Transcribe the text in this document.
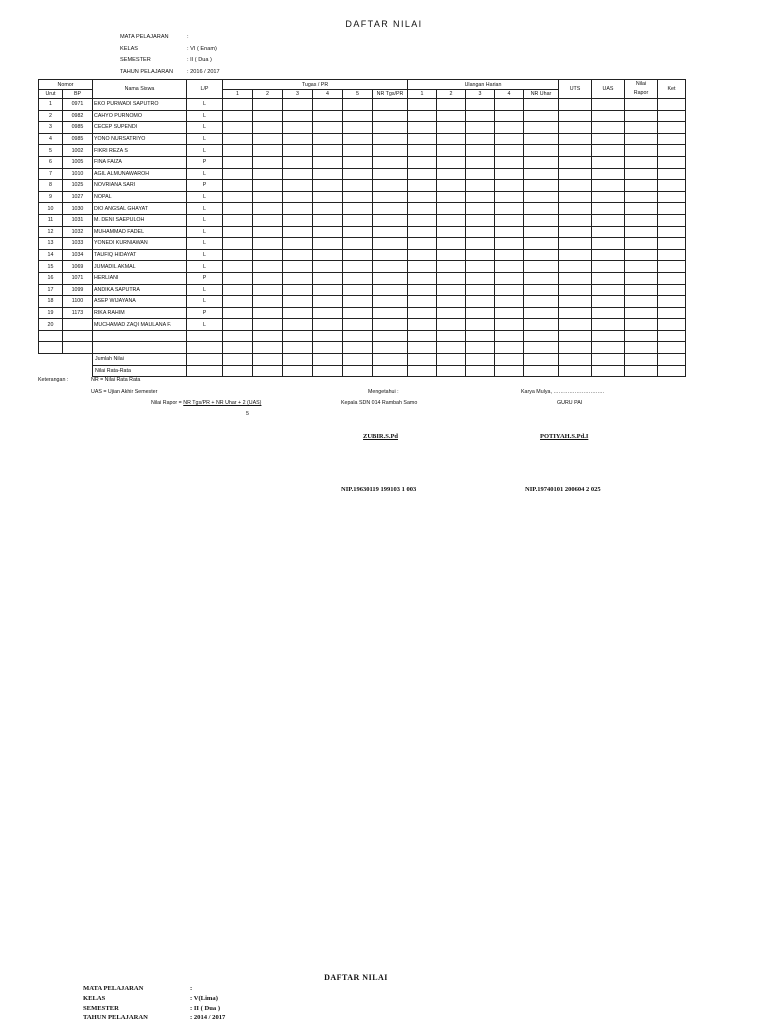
DAFTAR NILAI
MATA PELAJARAN	:
KELAS	: VI ( Enam)
SEMESTER	: II ( Dua )
TAHUN PELAJARAN : 2016 / 2017
Nomor		Nama Siswa	L/P	Tugas / PR						Ulangan Harian					UTS	UAS	Nilai
Rapor	Ket
Urut	BP			1	2	3	4	5	NR Tgs/PR	1	2	3	4	NR Uhar				
1	0971	EKO PURWADI SAPUTRO	L															
2	0982	CAHYO PURNOMO	L															
3	0985	CECEP SUPENDI	L															
4	0985	YONO NURSATRIYO	L															
5	1002	FIKRI REZA S	L															
6	1005	FINA FAIZA	P															
7	1010	AGIL ALMUNAWAROH	L															
8	1025	NOVRIANA SARI	P															
9	1027	NOPAL	L															
10	1030	DIO ANGSAL GHAYAT	L															
11	1031	M. DENI SAEPULOH	L															
12	1032	MUHAMMAD FADEL	L															
13	1033	YONEDI KURNIAWAN	L															
14	1034	TAUFIQ HIDAYAT	L															
15	1069	JUMADIL AKMAL	L															
16	1071	HERLIANI	P															
17	1099	ANDIKA SAPUTRA	L															
18	1100	ASEP WIJAYANA	L															
19	1173	RIKA RAHIM	P															
20		MUCHAMAD ZAQI MAULANA F.	L															

		Jumlah Nilai																
		Nilai Rata-Rata																
Keterangan :	NR = Nilai Rata Rata
UAS = Ujian Akhir Semester
Nilai Rapor = NR Tgs/PR + NR Uhar + 2 (UAS)
5
Mengetahui :
Kepala SDN 014 Rambah Samo
Karya Mulya, ………………………..
GURU PAI
ZUBIR.S.Pd	POTIYAH.S.Pd.I
NIP.19630119 199103 1 003	NIP.19740101 200604 2 025
DAFTAR NILAI
MATA PELAJARAN	:
KELAS	: V(Lima)
SEMESTER	: II ( Dua )
TAHUN PELAJARAN	: 2014 / 2017
